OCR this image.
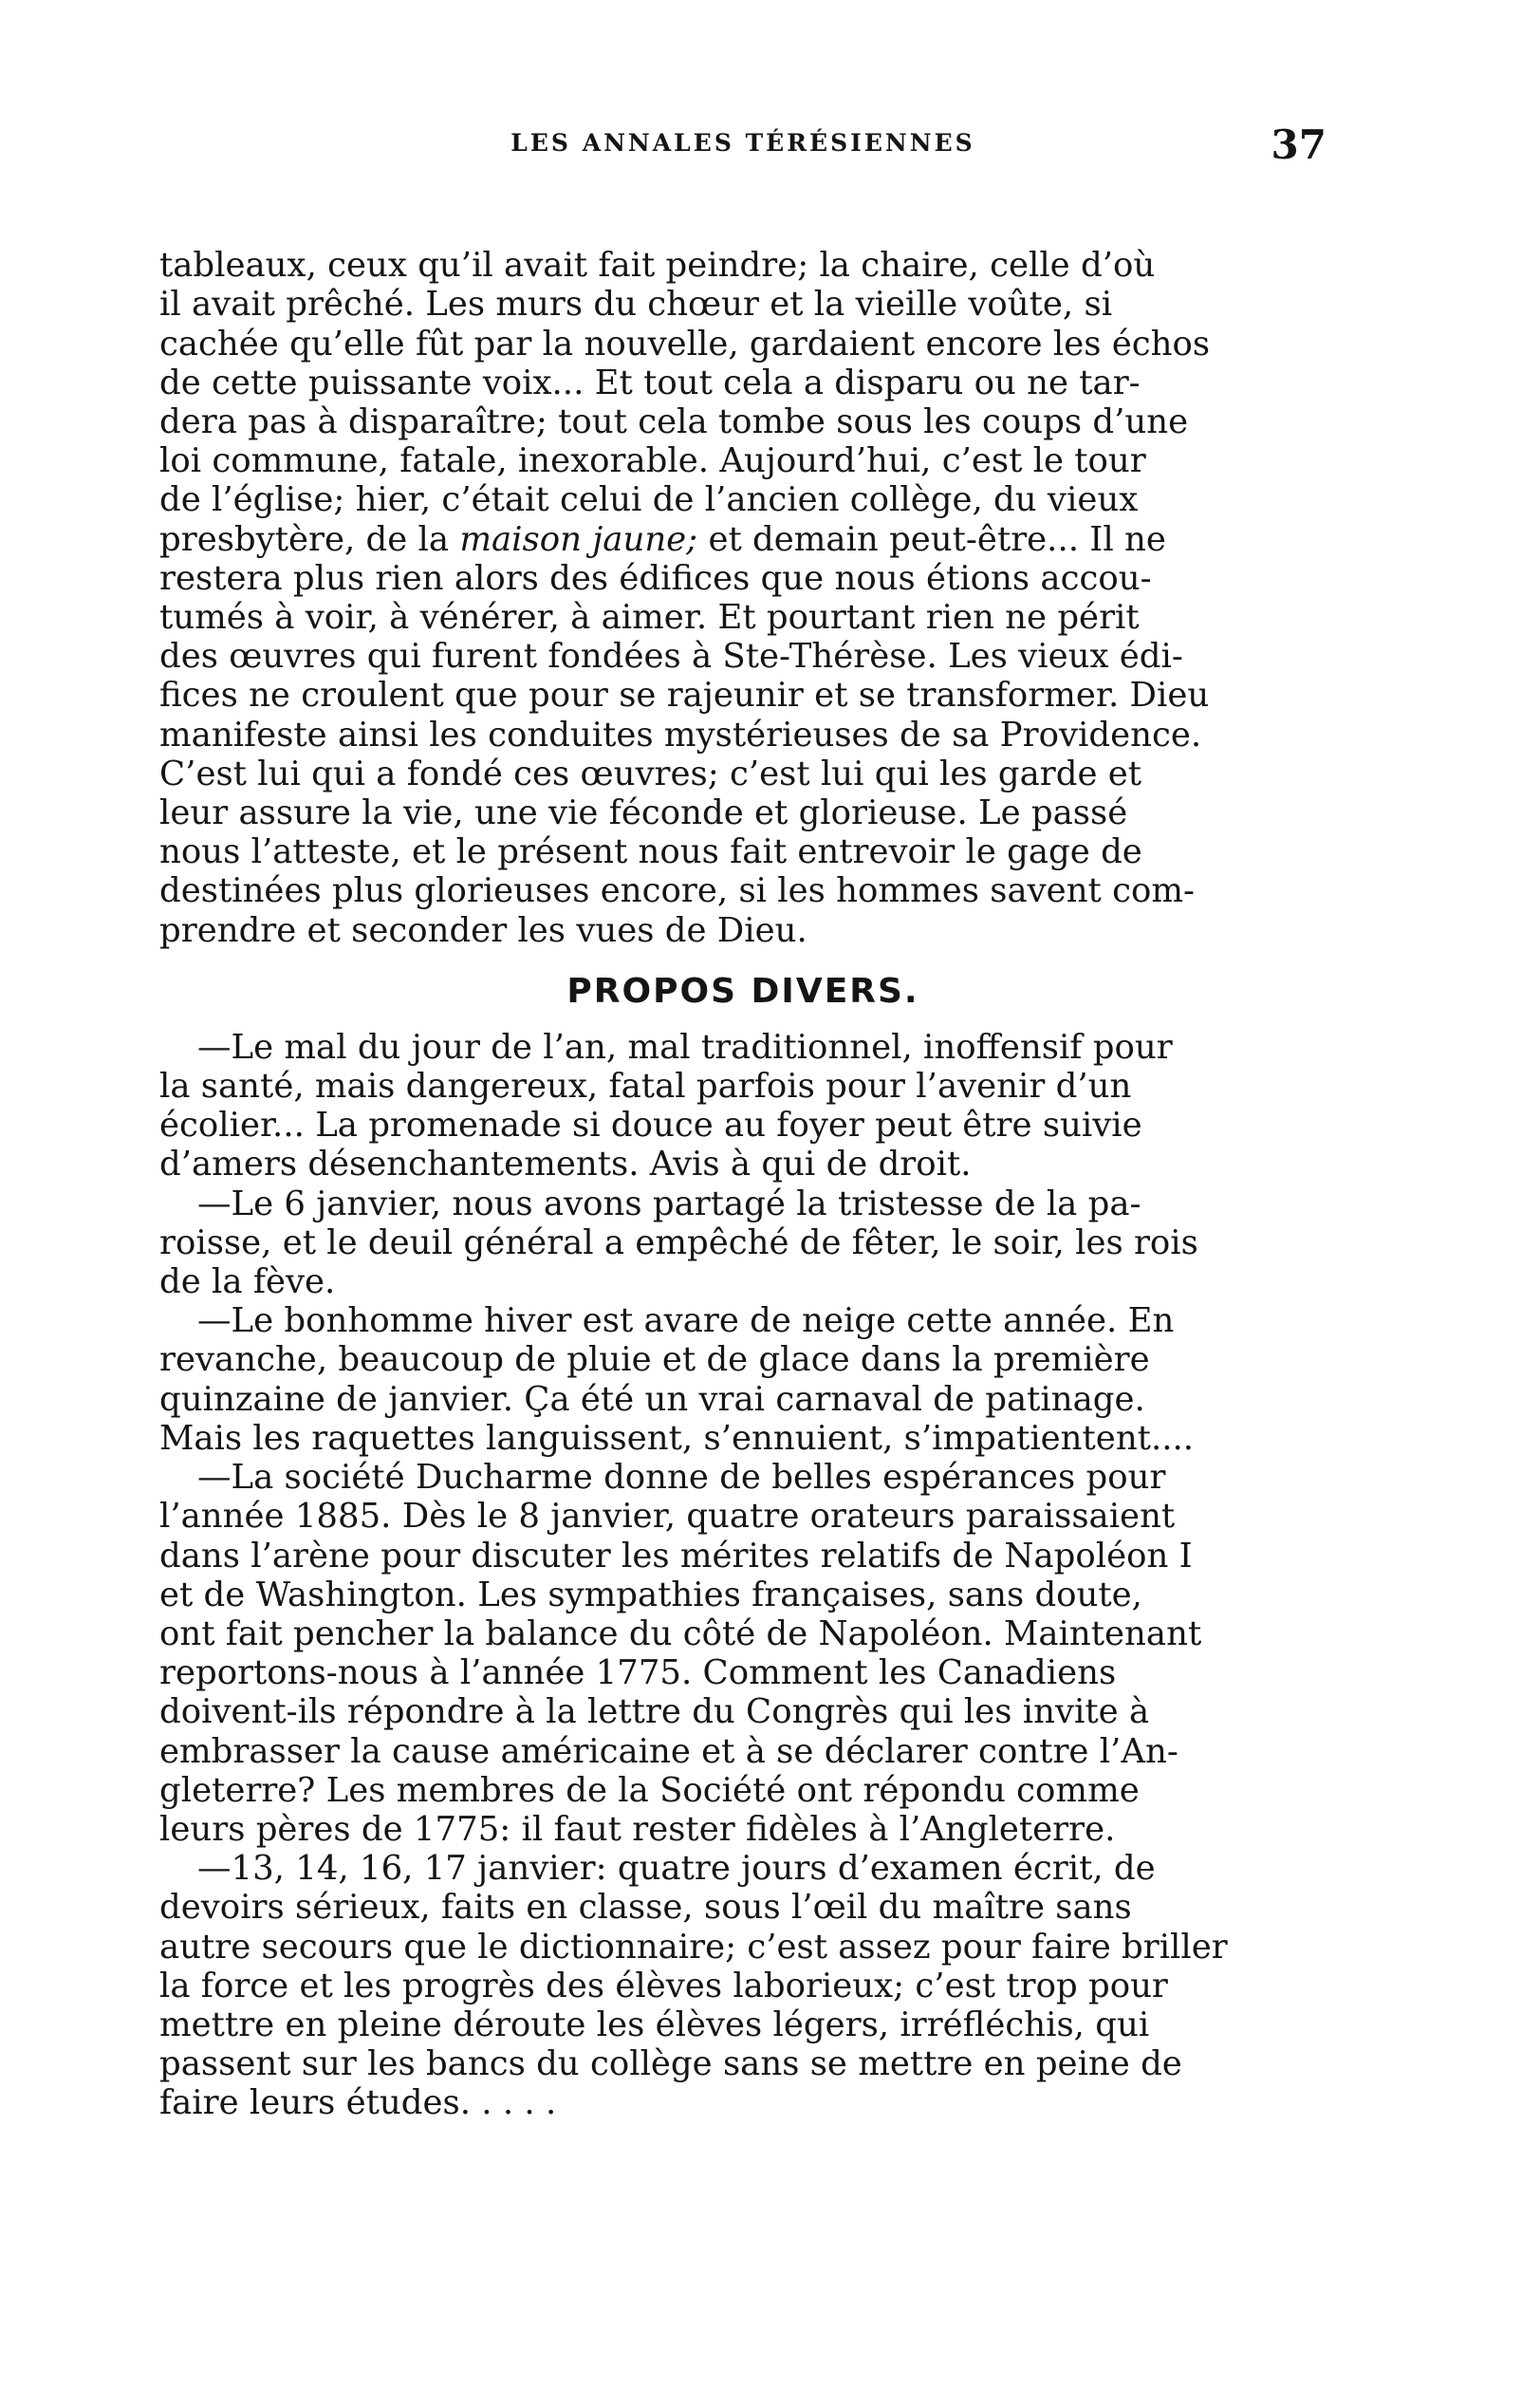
LES ANNALES TÉRÉSIENNES	37

tableaux, ceux qu’il avait fait peindre; la chaire, celle d’où
il avait prêché. Les murs du chœur et la vieille voûte, si
cachée qu’elle fût par la nouvelle, gardaient encore les échos
de cette puissante voix... Et tout cela a disparu ou ne tar-
dera pas à disparaître; tout cela tombe sous les coups d’une
loi commune, fatale, inexorable. Aujourd’hui, c’est le tour
de l’église; hier, c’était celui de l’ancien collège, du vieux
presbytère, de la maison jaune; et demain peut-être... Il ne
restera plus rien alors des édifices que nous étions accou-
tumés à voir, à vénérer, à aimer. Et pourtant rien ne périt
des œuvres qui furent fondées à Ste-Thérèse. Les vieux édi-
fices ne croulent que pour se rajeunir et se transformer. Dieu
manifeste ainsi les conduites mystérieuses de sa Providence.
C’est lui qui a fondé ces œuvres; c’est lui qui les garde et
leur assure la vie, une vie féconde et glorieuse. Le passé
nous l’atteste, et le présent nous fait entrevoir le gage de
destinées plus glorieuses encore, si les hommes savent com-
prendre et seconder les vues de Dieu.

PROPOS DIVERS.

—Le mal du jour de l’an, mal traditionnel, inoffensif pour
la santé, mais dangereux, fatal parfois pour l’avenir d’un
écolier... La promenade si douce au foyer peut être suivie
d’amers désenchantements. Avis à qui de droit.

—Le 6 janvier, nous avons partagé la tristesse de la pa-
roisse, et le deuil général a empêché de fêter, le soir, les rois
de la fève.

—Le bonhomme hiver est avare de neige cette année. En
revanche, beaucoup de pluie et de glace dans la première
quinzaine de janvier. Ça été un vrai carnaval de patinage.
Mais les raquettes languissent, s’ennuient, s’impatientent....

—La société Ducharme donne de belles espérances pour
l’année 1885. Dès le 8 janvier, quatre orateurs paraissaient
dans l’arène pour discuter les mérites relatifs de Napoléon I
et de Washington. Les sympathies françaises, sans doute,
ont fait pencher la balance du côté de Napoléon. Maintenant
reportons-nous à l’année 1775. Comment les Canadiens
doivent-ils répondre à la lettre du Congrès qui les invite à
embrasser la cause américaine et à se déclarer contre l’An-
gleterre? Les membres de la Société ont répondu comme
leurs pères de 1775: il faut rester fidèles à l’Angleterre.

—13, 14, 16, 17 janvier: quatre jours d’examen écrit, de
devoirs sérieux, faits en classe, sous l’œil du maître sans
autre secours que le dictionnaire; c’est assez pour faire briller
la force et les progrès des élèves laborieux; c’est trop pour
mettre en pleine déroute les élèves légers, irréfléchis, qui
passent sur les bancs du collège sans se mettre en peine de
faire leurs études. . . . .
